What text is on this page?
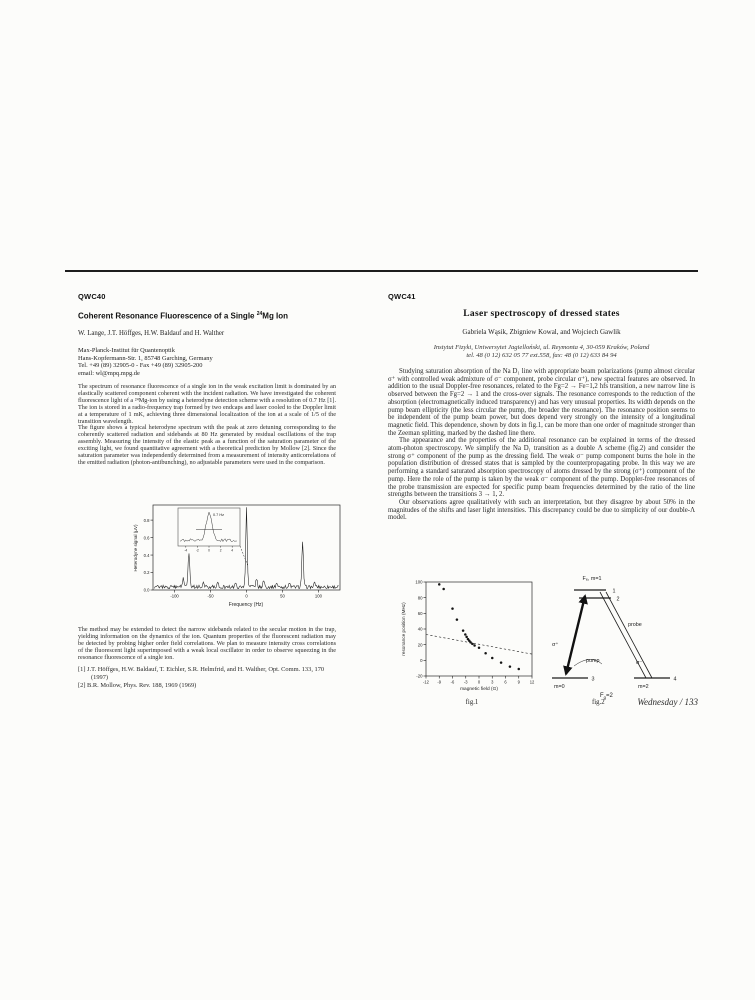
QWC40
Coherent Resonance Fluorescence of a Single $^{24}$Mg Ion
W. Lange, J.T. Höffges, H.W. Baldauf and H. Walther
Max-Planck-Institut für Quantenoptik
Hans-Kopfermann-Str. 1, 85748 Garching, Germany
Tel. +49 (89) 32905-0 - Fax +49 (89) 32905-200
email: wl@mpq.mpg.de
The spectrum of resonance fluorescence of a single ion in the weak excitation limit is dominated by an elastically scattered component coherent with the incident radiation. We have investigated the coherent fluorescence light of a ²⁴Mg-ion by using a heterodyne detection scheme with a resolution of 0.7 Hz [1]. The ion is stored in a radio-frequency trap formed by two endcaps and laser cooled to the Doppler limit at a temperature of 1 mK, achieving three dimensional localization of the ion at a scale of 1/5 of the transition wavelength.
The figure shows a typical heterodyne spectrum with the peak at zero detuning corresponding to the coherently scattered radiation and sidebands at 80 Hz generated by residual oscillations of the trap assembly. Measuring the intensity of the elastic peak as a function of the saturation parameter of the exciting light, we found quantitative agreement with a theoretical prediction by Mollow [2]. Since the saturation parameter was independently determined from a measurement of intensity anticorrelations of the emitted radiation (photon-antibunching), no adjustable parameters were used in the comparison.
0.0
0.2
0.4
0.6
0.8
-100	-50	0	50	100
0.7 Hz
-4	-2	0	2	4
Heterodyne signal (µV)
Frequency (Hz)
The method may be extended to detect the narrow sidebands related to the secular motion in the trap, yielding information on the dynamics of the ion. Quantum properties of the fluorescent radiation may be detected by probing higher order field correlations. We plan to measure intensity cross correlations of the fluorescent light superimposed with a weak local oscillator in order to observe squeezing in the resonance fluorescence of a single ion.
[1] J.T. Höffges, H.W. Baldauf, T. Eichler, S.R. Helmfrid, and H. Walther, Opt. Comm. 133, 170 (1997)
[2] B.R. Mollow, Phys. Rev. 188, 1969 (1969)
QWC41
Laser spectroscopy of dressed states
Gabriela Wąsik, Zbigniew Kowal, and Wojciech Gawlik
Instytut Fizyki, Uniwersytet Jagielloński, ul. Reymonta 4, 30-059 Kraków, Poland
tel. 48 (0 12) 632 05 77 ext.558, fax: 48 (0 12) 633 84 94

Studying saturation absorption of the Na D₁ line with appropriate beam polarizations (pump almost circular σ⁺ with controlled weak admixture of σ⁻ component, probe circular σ⁺), new spectral features are observed. In addition to the usual Doppler-free resonances, related to the Fg=2 → Fe=1,2 hfs transition, a new narrow line is observed between the Fg=2 → 1 and the cross-over signals. The resonance corresponds to the reduction of the absorption (electromagnetically induced transparency) and has very unusual properties. Its width depends on the pump beam ellipticity (the less circular the pump, the broader the resonance). The resonance position seems to be independent of the pump beam power, but does depend very strongly on the intensity of a longitudinal magnetic field. This dependence, shown by dots in fig.1, can be more than one order of magnitude stronger than the Zeeman splitting, marked by the dashed line there.

The appearance and the properties of the additional resonance can be explained in terms of the dressed atom-photon spectroscopy. We simplify the Na D₁ transition as a double Λ scheme (fig.2) and consider the strong σ⁺ component of the pump as the dressing field. The weak σ⁻ pump component burns the hole in the population distribution of dressed states that is sampled by the counterpropagating probe. In this way we are performing a standard saturated absorption spectroscopy of atoms dressed by the strong (σ⁺) component of the pump. Here the role of the pump is taken by the weak σ⁻ component of the pump. Doppler-free resonances of the probe transmission are expected for specific pump beam frequencies determined by the ratio of the line strengths between the transitions 3 → 1, 2.

Our observations agree qualitatively with such an interpretation, but they disagree by about 50% in the magnitudes of the shifts and laser light intensities. This discrepancy could be due to simplicity of our double-Λ model.

-20
0
20
40
60
80
100
-12 -9 -6 -3	0	3	6	9 12
resonance position (MHz)
magnetic field (G)
Fₑ, m=1
1
2
pump
probe
σ⁺
σ⁻
3	4
m=0	m=2
$F_g=2$
fig.1	fig.2	Wednesday / 133
